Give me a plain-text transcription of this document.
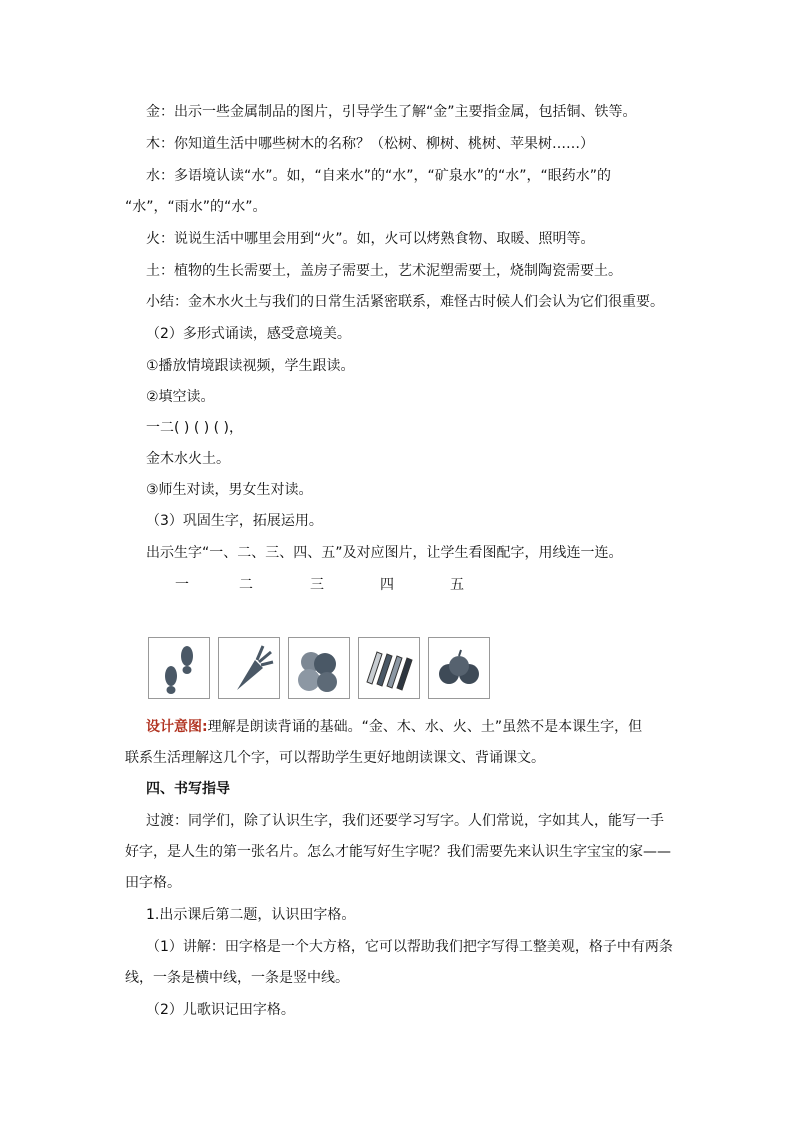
金：出示一些金属制品的图片，引导学生了解“金”主要指金属，包括铜、铁等。
木：你知道生活中哪些树木的名称？（松树、柳树、桃树、苹果树……）
水：多语境认读“水”。如，“自来水”的“水”，“矿泉水”的“水”，“眼药水”的
“水”，“雨水”的“水”。
火：说说生活中哪里会用到“火”。如，火可以烤熟食物、取暖、照明等。
土：植物的生长需要土，盖房子需要土，艺术泥塑需要土，烧制陶瓷需要土。
小结：金木水火土与我们的日常生活紧密联系，难怪古时候人们会认为它们很重要。
（2）多形式诵读，感受意境美。
①播放情境跟读视频，学生跟读。
②填空读。
一二( ) ( ) ( )，
金木水火土。
③师生对读，男女生对读。
（3）巩固生字，拓展运用。
出示生字“一、二、三、四、五”及对应图片，让学生看图配字，用线连一连。
一	二	三	四	五
设计意图:理解是朗读背诵的基础。“金、木、水、火、土”虽然不是本课生字，但
联系生活理解这几个字，可以帮助学生更好地朗读课文、背诵课文。
四、书写指导
过渡：同学们，除了认识生字，我们还要学习写字。人们常说，字如其人，能写一手
好字，是人生的第一张名片。怎么才能写好生字呢？我们需要先来认识生字宝宝的家——
田字格。
1.出示课后第二题，认识田字格。
（1）讲解：田字格是一个大方格，它可以帮助我们把字写得工整美观，格子中有两条
线，一条是横中线，一条是竖中线。
（2）儿歌识记田字格。
